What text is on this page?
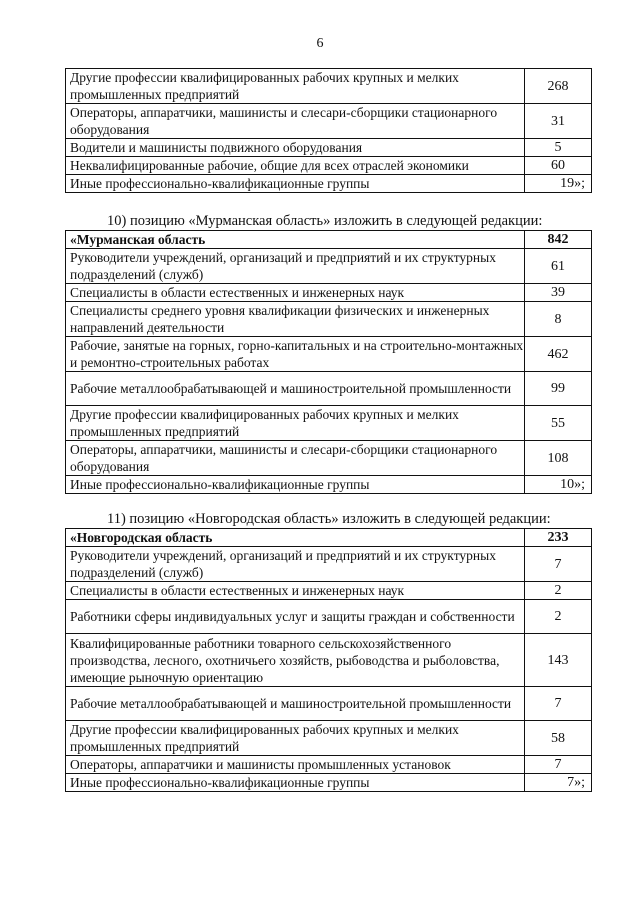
6
Другие профессии квалифицированных рабочих крупных и мелких промышленных предприятий	268
Операторы, аппаратчики, машинисты и слесари-сборщики стационарного оборудования	31
Водители и машинисты подвижного оборудования	5
Неквалифицированные рабочие, общие для всех отраслей экономики	60
Иные профессионально-квалификационные группы	19»;
10) позицию «Мурманская область» изложить в следующей редакции:
«Мурманская область	842
Руководители учреждений, организаций и предприятий и их структурных подразделений (служб)	61
Специалисты в области естественных и инженерных наук	39
Специалисты среднего уровня квалификации физических и инженерных направлений деятельности	8
Рабочие, занятые на горных, горно-капитальных и на строительно-монтажных и ремонтно-строительных работах	462
Рабочие металлообрабатывающей и машиностроительной промышленности	99
Другие профессии квалифицированных рабочих крупных и мелких промышленных предприятий	55
Операторы, аппаратчики, машинисты и слесари-сборщики стационарного оборудования	108
Иные профессионально-квалификационные группы	10»;
11) позицию «Новгородская область» изложить в следующей редакции:
«Новгородская область	233
Руководители учреждений, организаций и предприятий и их структурных подразделений (служб)	7
Специалисты в области естественных и инженерных наук	2
Работники сферы индивидуальных услуг и защиты граждан и собственности	2
Квалифицированные работники товарного сельскохозяйственного производства, лесного, охотничьего хозяйств, рыбоводства и рыболовства, имеющие рыночную ориентацию	143
Рабочие металлообрабатывающей и машиностроительной промышленности	7
Другие профессии квалифицированных рабочих крупных и мелких промышленных предприятий	58
Операторы, аппаратчики и машинисты промышленных установок	7
Иные профессионально-квалификационные группы	7»;
